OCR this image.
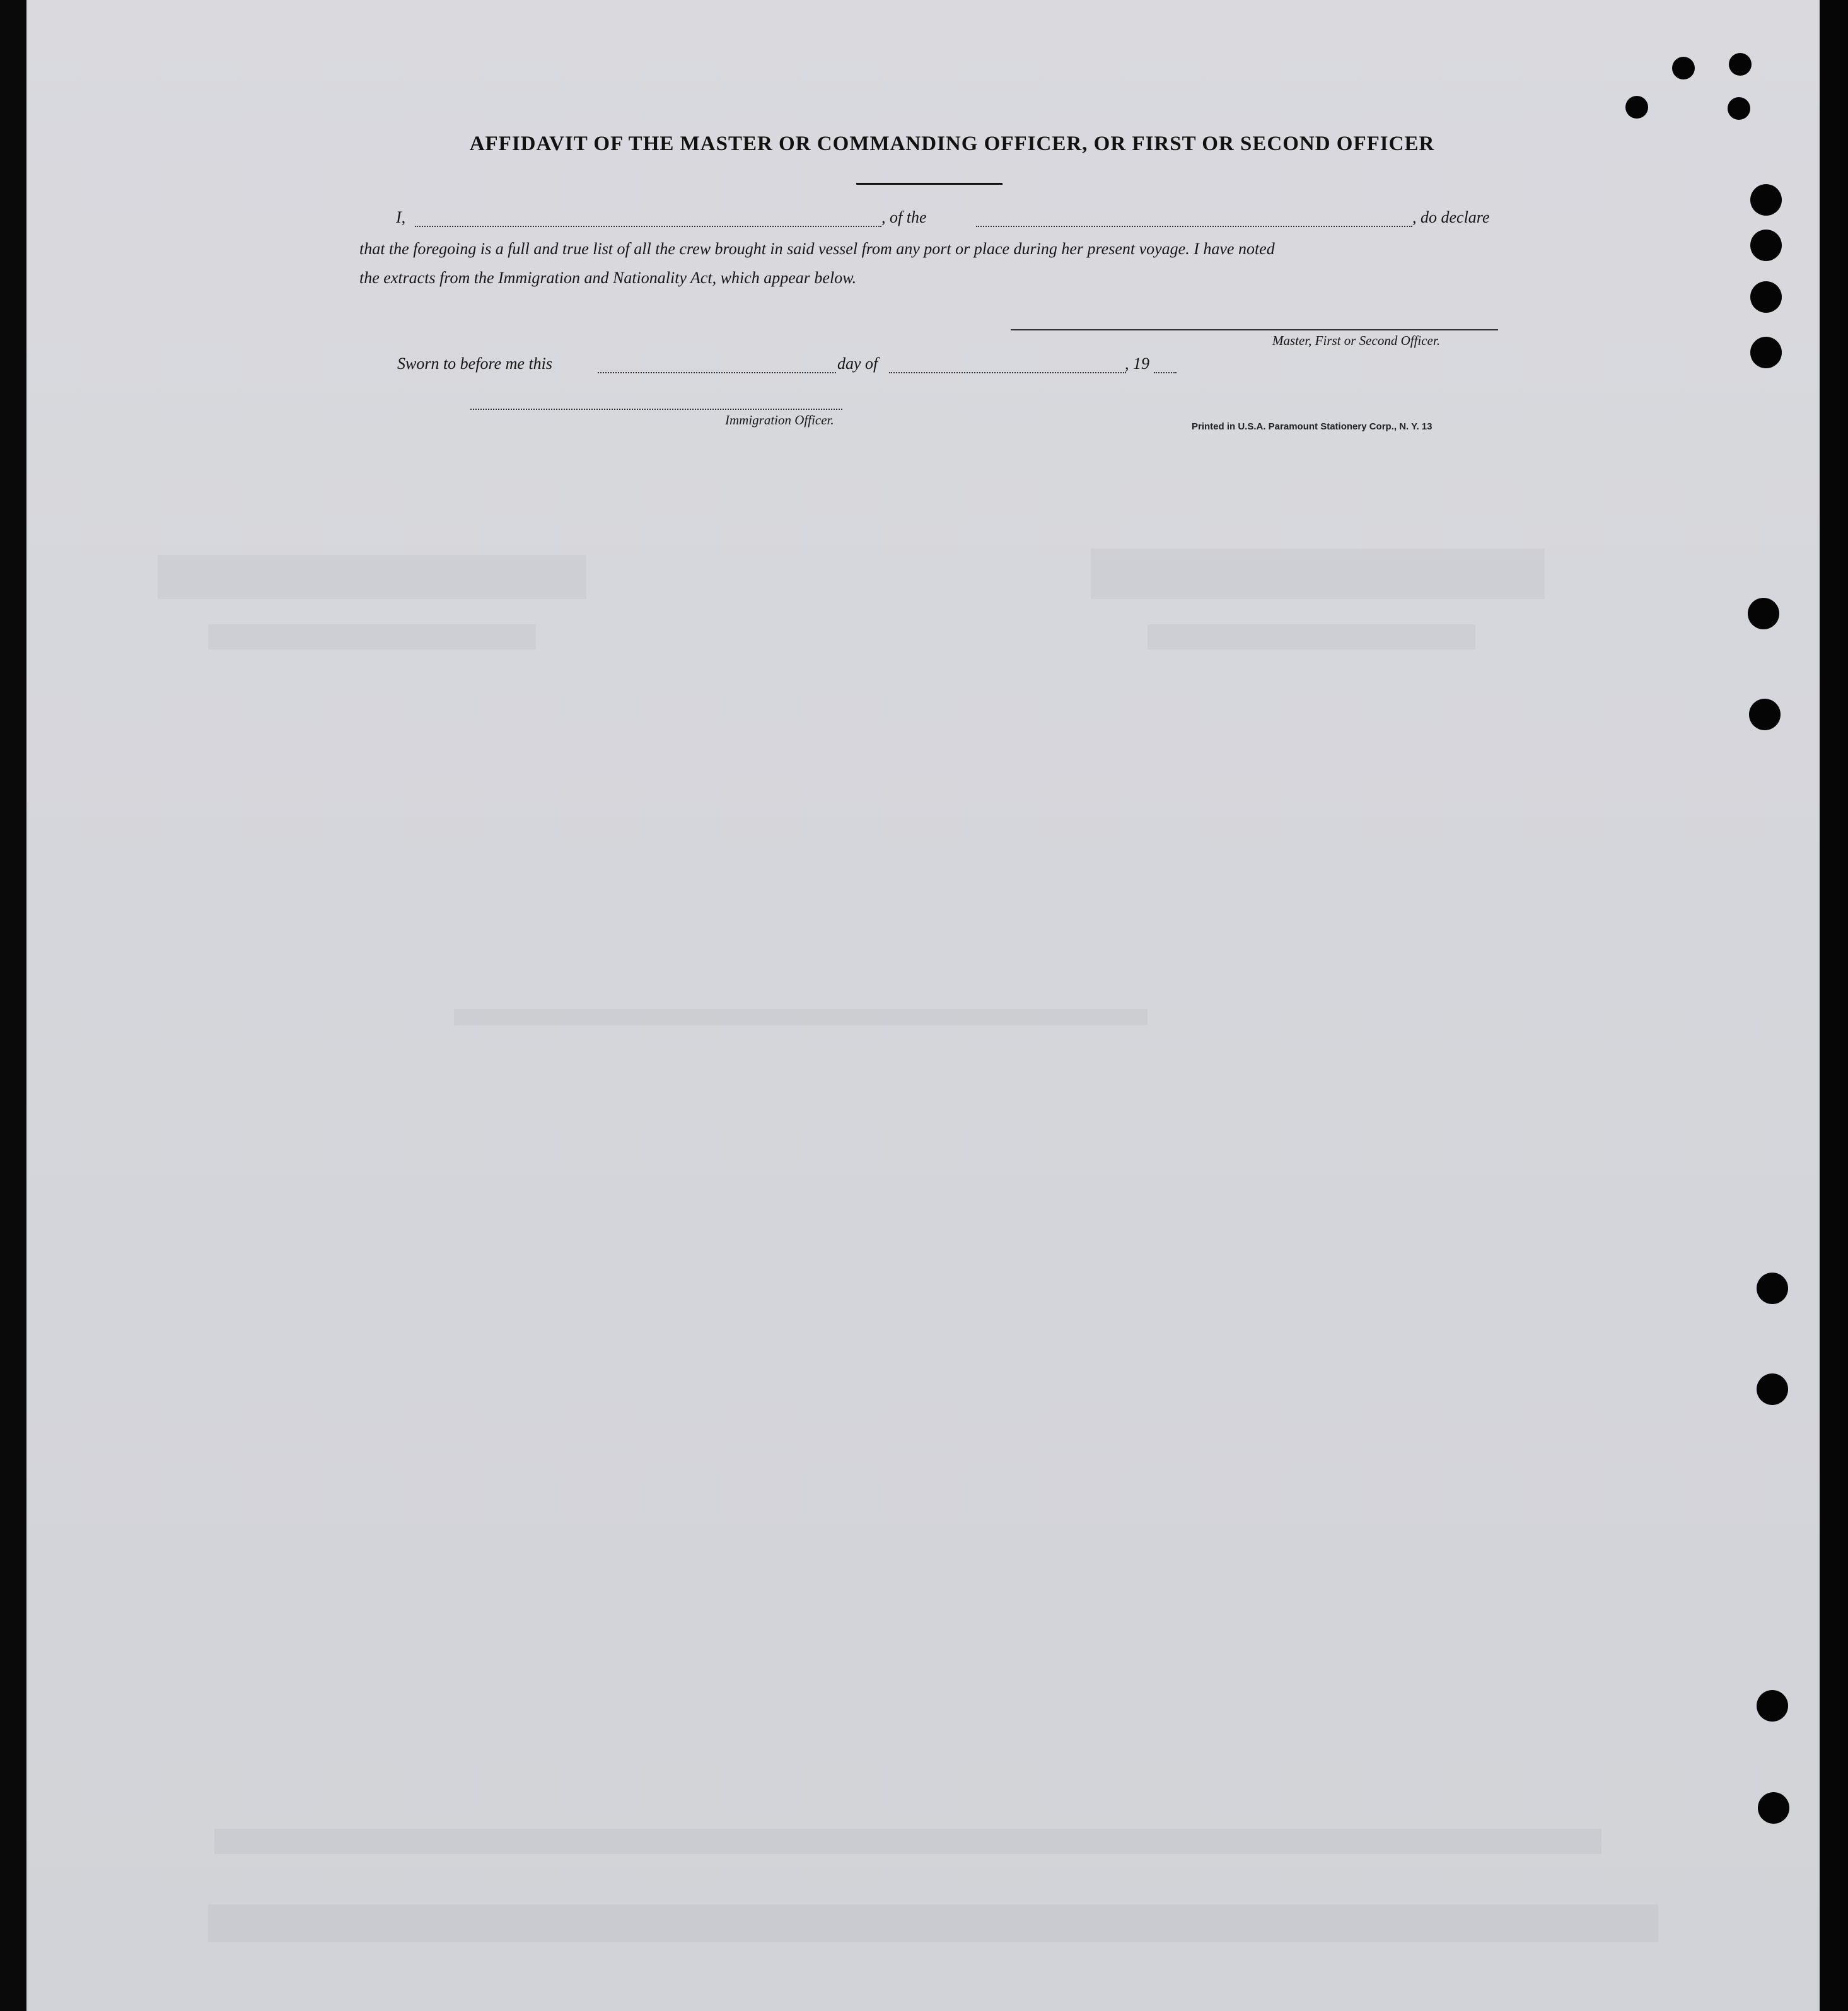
AFFIDAVIT OF THE MASTER OR COMMANDING OFFICER, OR FIRST OR SECOND OFFICER
I,	, of the	, do declare
that the foregoing is a full and true list of all the crew brought in said vessel from any port or place during her present voyage. I have noted
the extracts from the Immigration and Nationality Act, which appear below.
Master, First or Second Officer.
Sworn to before me this	day of	, 19
Immigration Officer.	Printed in U.S.A. Paramount Stationery Corp., N. Y. 13
